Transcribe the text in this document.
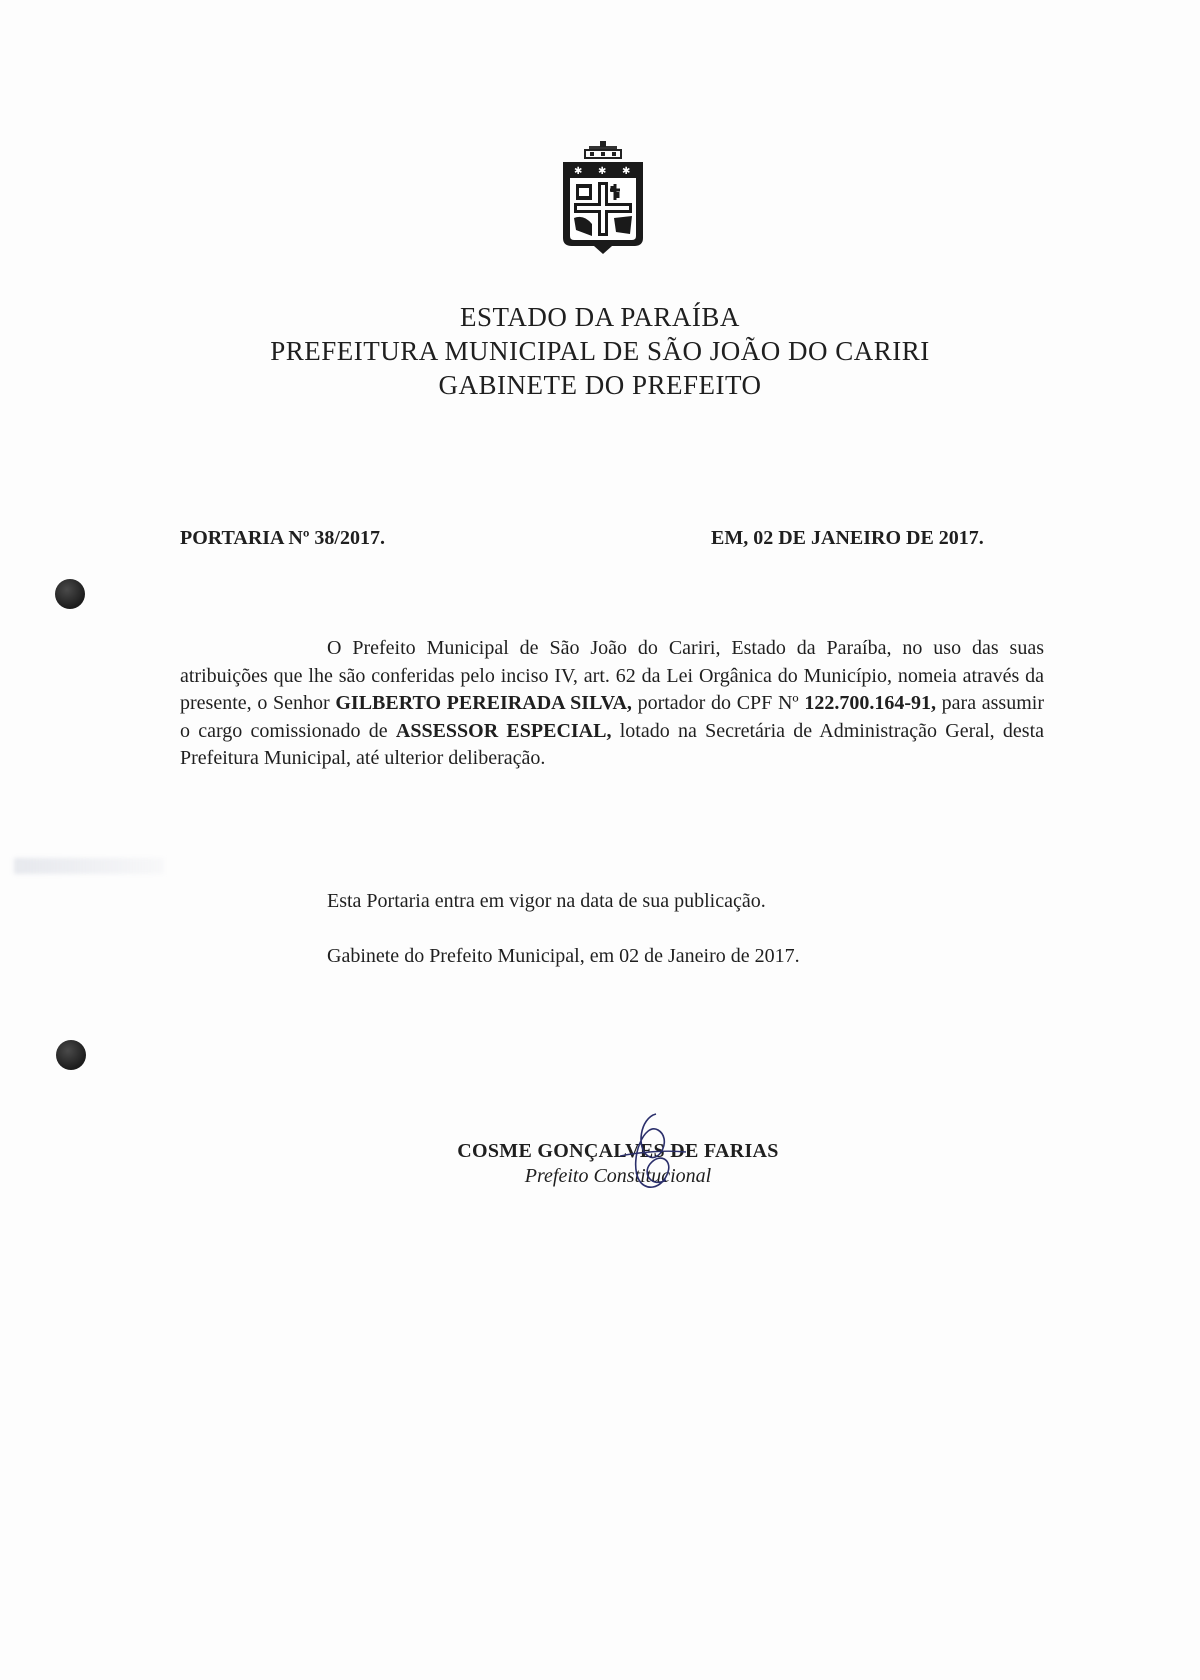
✱ ✱ ✱
ESTADO DA PARAÍBA
PREFEITURA MUNICIPAL DE SÃO JOÃO DO CARIRI
GABINETE DO PREFEITO
PORTARIA Nº 38/2017.	EM, 02 DE JANEIRO DE 2017.
O Prefeito Municipal de São João do Cariri, Estado da Paraíba, no uso das suas atribuições que lhe são conferidas pelo inciso IV, art. 62 da Lei Orgânica do Município, nomeia através da presente, o Senhor GILBERTO PEREIRADA SILVA, portador do CPF Nº 122.700.164-91, para assumir o cargo comissionado de ASSESSOR ESPECIAL, lotado na Secretária de Administração Geral, desta Prefeitura Municipal, até ulterior deliberação.
Esta Portaria entra em vigor na data de sua publicação.
Gabinete do Prefeito Municipal, em 02 de Janeiro de 2017.
COSME GONÇALVES DE FARIAS
Prefeito Constitucional
